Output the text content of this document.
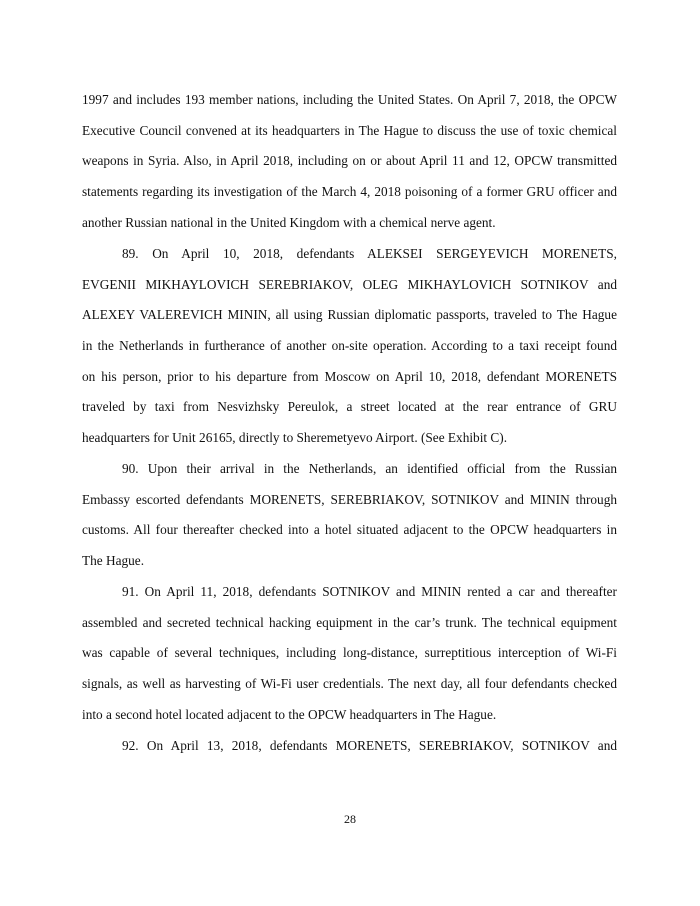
1997 and includes 193 member nations, including the United States. On April 7, 2018, the OPCW
Executive Council convened at its headquarters in The Hague to discuss the use of toxic chemical
weapons in Syria. Also, in April 2018, including on or about April 11 and 12, OPCW transmitted
statements regarding its investigation of the March 4, 2018 poisoning of a former GRU officer and
another Russian national in the United Kingdom with a chemical nerve agent.
89. On April 10, 2018, defendants ALEKSEI SERGEYEVICH MORENETS,
EVGENII MIKHAYLOVICH SEREBRIAKOV, OLEG MIKHAYLOVICH SOTNIKOV and
ALEXEY VALEREVICH MININ, all using Russian diplomatic passports, traveled to The Hague
in the Netherlands in furtherance of another on-site operation. According to a taxi receipt found
on his person, prior to his departure from Moscow on April 10, 2018, defendant MORENETS
traveled by taxi from Nesvizhsky Pereulok, a street located at the rear entrance of GRU
headquarters for Unit 26165, directly to Sheremetyevo Airport. (See Exhibit C).
90. Upon their arrival in the Netherlands, an identified official from the Russian
Embassy escorted defendants MORENETS, SEREBRIAKOV, SOTNIKOV and MININ through
customs. All four thereafter checked into a hotel situated adjacent to the OPCW headquarters in
The Hague.
91. On April 11, 2018, defendants SOTNIKOV and MININ rented a car and thereafter
assembled and secreted technical hacking equipment in the car’s trunk. The technical equipment
was capable of several techniques, including long-distance, surreptitious interception of Wi-Fi
signals, as well as harvesting of Wi-Fi user credentials. The next day, all four defendants checked
into a second hotel located adjacent to the OPCW headquarters in The Hague.
92. On April 13, 2018, defendants MORENETS, SEREBRIAKOV, SOTNIKOV and
28
